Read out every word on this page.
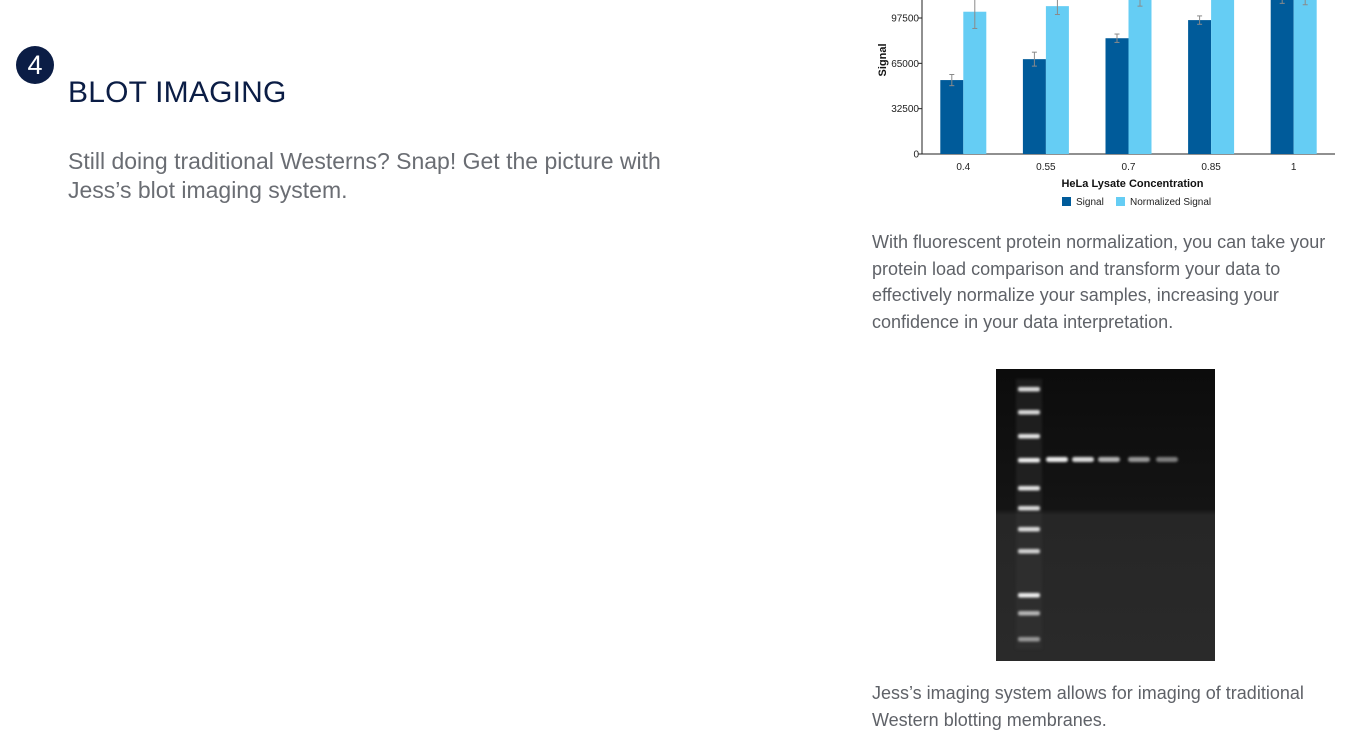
4
BLOT IMAGING

Still doing traditional Westerns? Snap! Get the picture with Jess’s blot imaging system.

0
32500
65000
97500
0.4	0.55	0.7	0.85	1
HeLa Lysate Concentration
Signal
Signal	Normalized Signal

With fluorescent protein normalization, you can take your protein load comparison and transform your data to effectively normalize your samples, increasing your confidence in your data interpretation.

Jess’s imaging system allows for imaging of traditional Western blotting membranes.
